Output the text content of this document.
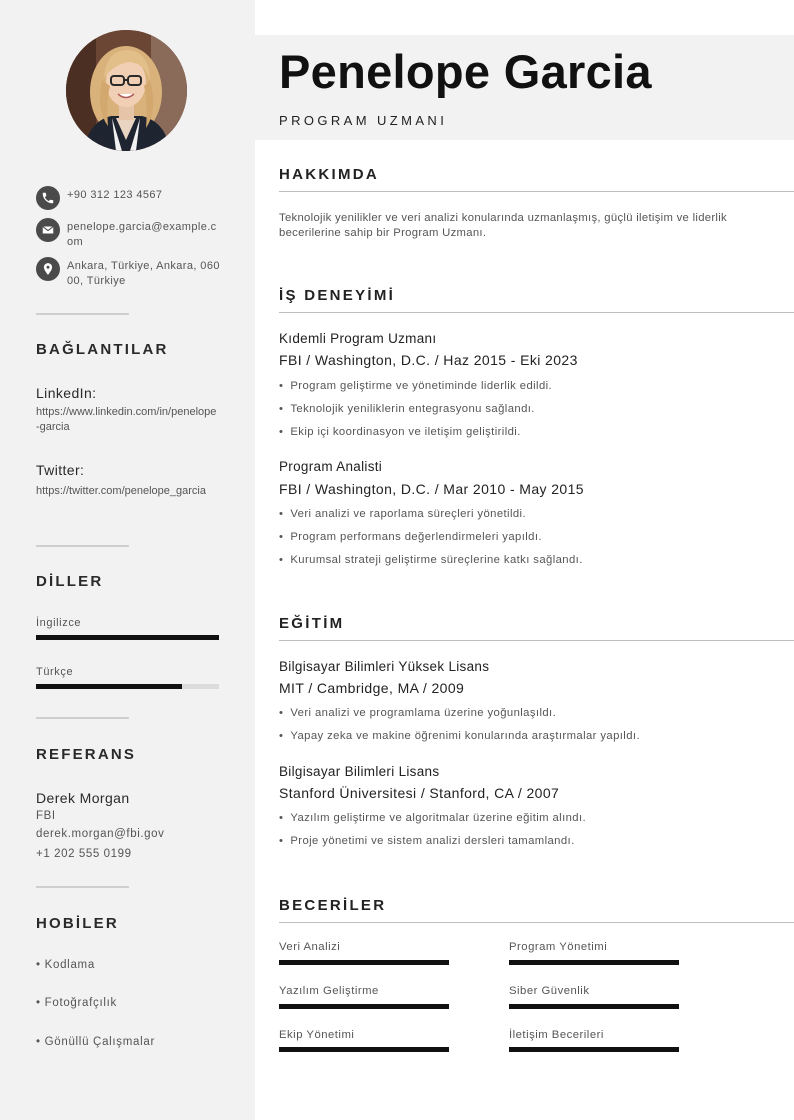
+90 312 123 4567
penelope.garcia@example.com
Ankara, Türkiye, Ankara, 06000, Türkiye
BAĞLANTILAR
LinkedIn:
https://www.linkedin.com/in/penelope-garcia
Twitter:
https://twitter.com/penelope_garcia
DİLLER
İngilizce
Türkçe
REFERANS
Derek Morgan
FBI
derek.morgan@fbi.gov
+1 202 555 0199
HOBİLER
• Kodlama
• Fotoğrafçılık
• Gönüllü Çalışmalar
Penelope Garcia
PROGRAM UZMANI
HAKKIMDA
Teknolojik yenilikler ve veri analizi konularında uzmanlaşmış, güçlü iletişim ve liderlik becerilerine sahip bir Program Uzmanı.
İŞ DENEYİMİ
Kıdemli Program Uzmanı
FBI / Washington, D.C. / Haz 2015 - Eki 2023
• Program geliştirme ve yönetiminde liderlik edildi.
• Teknolojik yeniliklerin entegrasyonu sağlandı.
• Ekip içi koordinasyon ve iletişim geliştirildi.
Program Analisti
FBI / Washington, D.C. / Mar 2010 - May 2015
• Veri analizi ve raporlama süreçleri yönetildi.
• Program performans değerlendirmeleri yapıldı.
• Kurumsal strateji geliştirme süreçlerine katkı sağlandı.
EĞİTİM
Bilgisayar Bilimleri Yüksek Lisans
MIT / Cambridge, MA / 2009
• Veri analizi ve programlama üzerine yoğunlaşıldı.
• Yapay zeka ve makine öğrenimi konularında araştırmalar yapıldı.
Bilgisayar Bilimleri Lisans
Stanford Üniversitesi / Stanford, CA / 2007
• Yazılım geliştirme ve algoritmalar üzerine eğitim alındı.
• Proje yönetimi ve sistem analizi dersleri tamamlandı.
BECERİLER
Veri Analizi	Program Yönetimi
Yazılım Geliştirme	Siber Güvenlik
Ekip Yönetimi	İletişim Becerileri
